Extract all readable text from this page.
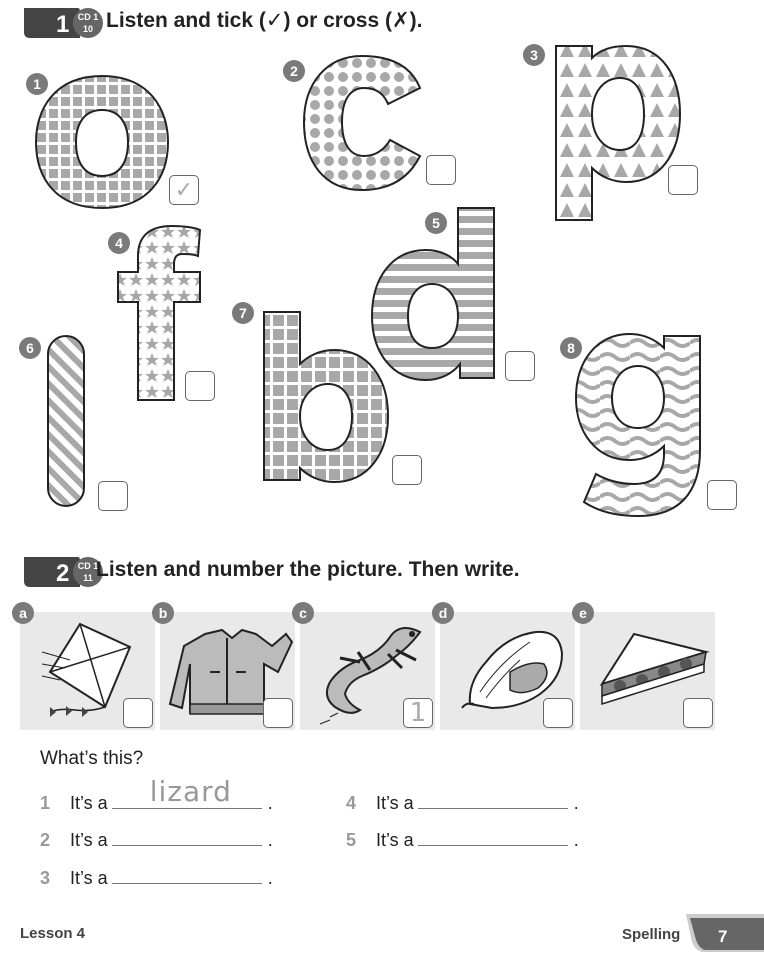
1 CD 1
10 Listen and tick (✓) or cross (✗).
1
2
3
4
5
6
7
8
✓
2 CD 1
11 Listen and number the picture. Then write.
a	b	c
1
d	e
What’s this?
1	It’s a lizard .
2	It’s a	.
3	It’s a	.
4	It’s a	.
5	It’s a	.
Lesson 4	Spelling 7
